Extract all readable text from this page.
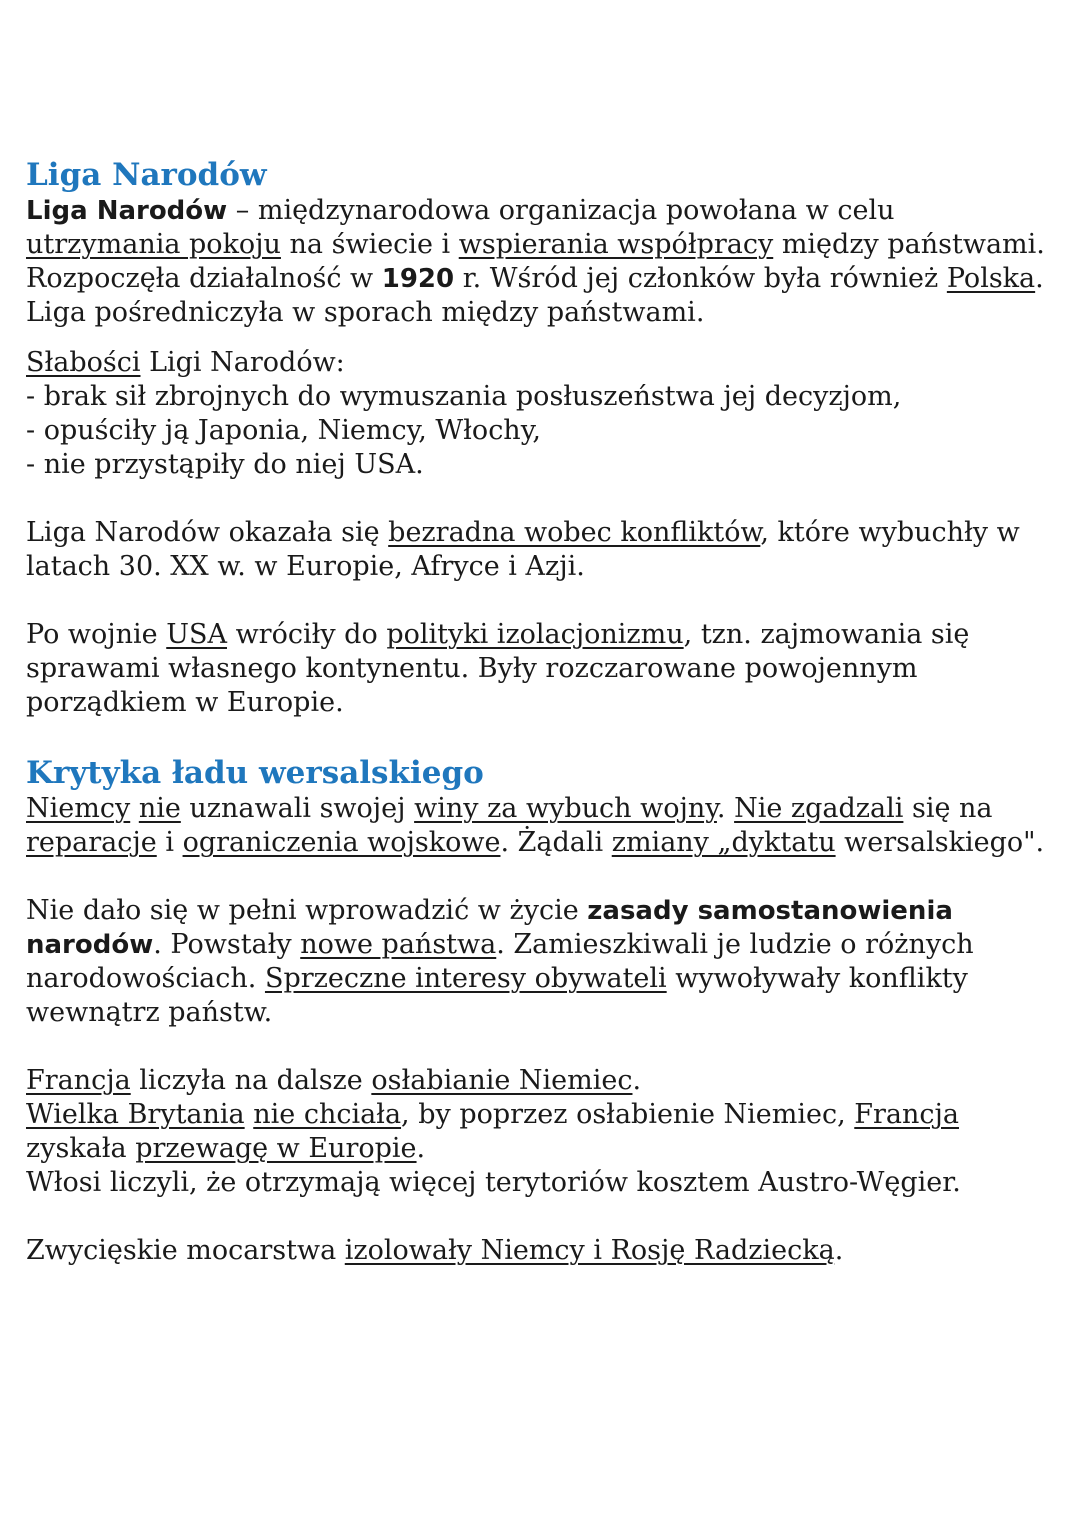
Liga Narodów

Liga Narodów – międzynarodowa organizacja powołana w celu utrzymania pokoju na świecie i wspierania współpracy między państwami.

Rozpoczęła działalność w 1920 r. Wśród jej członków była również Polska.

Liga pośredniczyła w sporach między państwami.

Słabości Ligi Narodów:

- brak sił zbrojnych do wymuszania posłuszeństwa jej decyzjom,

- opuściły ją Japonia, Niemcy, Włochy,

- nie przystąpiły do niej USA.

Liga Narodów okazała się bezradna wobec konfliktów, które wybuchły w latach 30. XX w. w Europie, Afryce i Azji.

Po wojnie USA wróciły do polityki izolacjonizmu, tzn. zajmowania się sprawami własnego kontynentu. Były rozczarowane powojennym porządkiem w Europie.

Krytyka ładu wersalskiego

Niemcy nie uznawali swojej winy za wybuch wojny. Nie zgadzali się na reparacje i ograniczenia wojskowe. Żądali zmiany „dyktatu wersalskiego".

Nie dało się w pełni wprowadzić w życie zasady samostanowienia narodów. Powstały nowe państwa. Zamieszkiwali je ludzie o różnych narodowościach. Sprzeczne interesy obywateli wywoływały konflikty wewnątrz państw.

Francja liczyła na dalsze osłabianie Niemiec.

Wielka Brytania nie chciała, by poprzez osłabienie Niemiec, Francja zyskała przewagę w Europie.

Włosi liczyli, że otrzymają więcej terytoriów kosztem Austro-Węgier.

Zwycięskie mocarstwa izolowały Niemcy i Rosję Radziecką.
